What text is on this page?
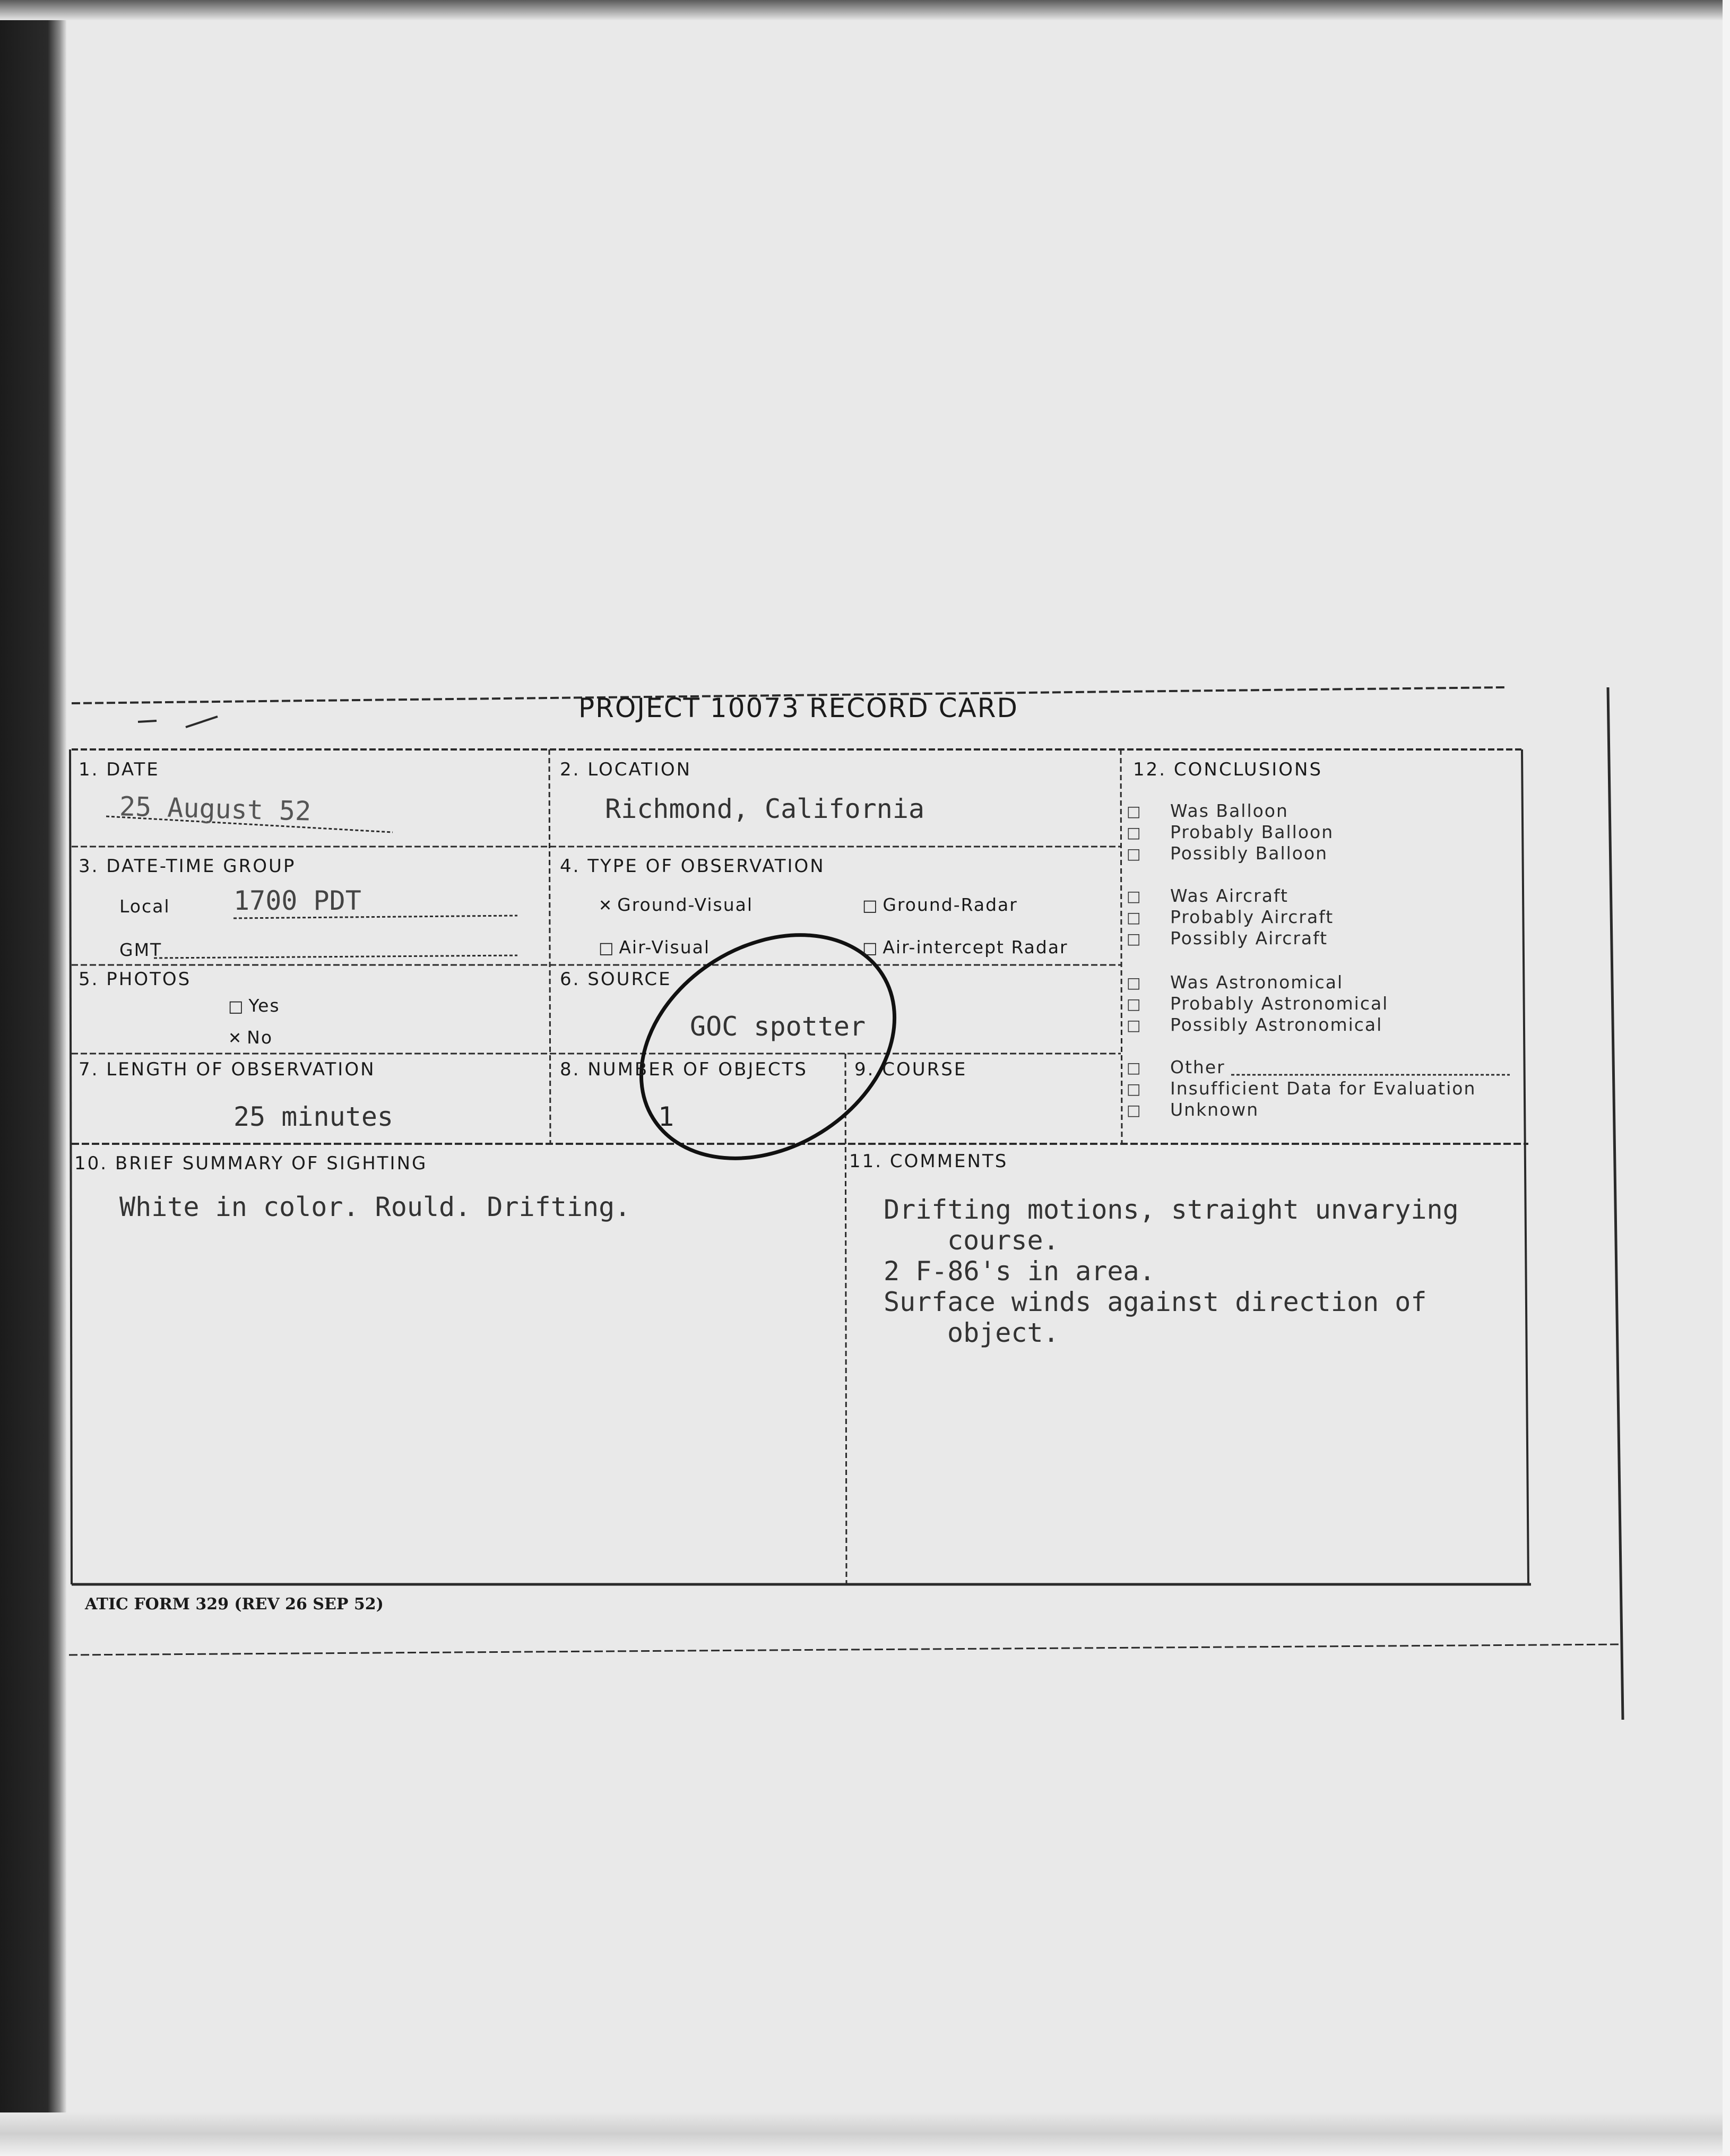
PROJECT 10073 RECORD CARD
1. DATE
25 August 52
2. LOCATION
Richmond, California
3. DATE-TIME GROUP
Local 1700 PDT
GMT
4. TYPE OF OBSERVATION
✕ Ground-Visual	□ Ground-Radar
□ Air-Visual	□ Air-intercept Radar
5. PHOTOS
□ Yes
✕ No
6. SOURCE
GOC spotter
7. LENGTH OF OBSERVATION
25 minutes
8. NUMBER OF OBJECTS
1
9. COURSE
12. CONCLUSIONS
□ Was Balloon
□ Probably Balloon
□ Possibly Balloon
□ Was Aircraft
□ Probably Aircraft
□ Possibly Aircraft
□ Was Astronomical
□ Probably Astronomical
□ Possibly Astronomical
□ Other
□ Insufficient Data for Evaluation
□ Unknown
10. BRIEF SUMMARY OF SIGHTING
White in color. Rould. Drifting.
11. COMMENTS
Drifting motions, straight unvarying
course.
2 F-86's in area.
Surface winds against direction of
object.
ATIC FORM 329 (REV 26 SEP 52)
